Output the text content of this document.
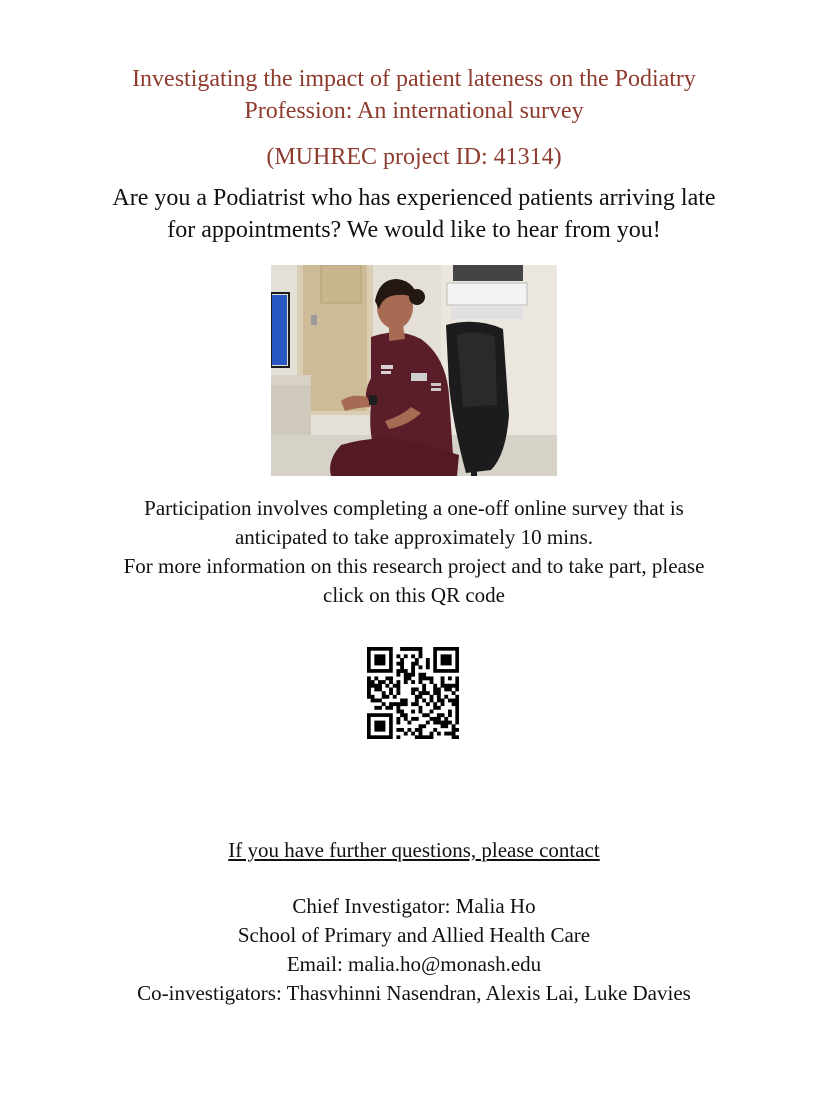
Investigating the impact of patient lateness on the Podiatry
Profession: An international survey
(MUHREC project ID: 41314)
Are you a Podiatrist who has experienced patients arriving late
for appointments? We would like to hear from you!
Participation involves completing a one-off online survey that is
anticipated to take approximately 10 mins.
For more information on this research project and to take part, please
click on this QR code
If you have further questions, please contact
Chief Investigator: Malia Ho
School of Primary and Allied Health Care
Email: malia.ho@monash.edu
Co-investigators: Thasvhinni Nasendran, Alexis Lai, Luke Davies
